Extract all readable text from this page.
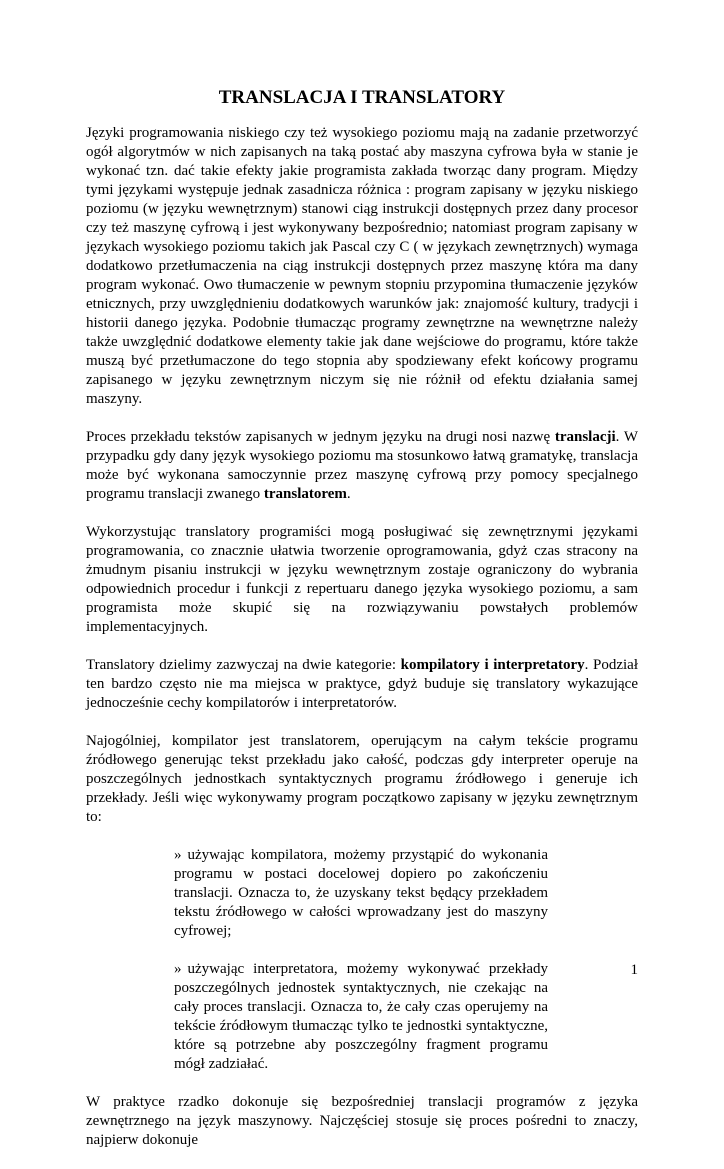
TRANSLACJA I TRANSLATORY

Języki programowania niskiego czy też wysokiego poziomu mają na zadanie przetworzyć ogół algorytmów w nich zapisanych na taką postać aby maszyna cyfrowa była w stanie je wykonać tzn. dać takie efekty jakie programista zakłada tworząc dany program. Między tymi językami występuje jednak zasadnicza różnica : program zapisany w języku niskiego poziomu (w języku wewnętrznym) stanowi ciąg instrukcji dostępnych przez dany procesor czy też maszynę cyfrową i jest wykonywany bezpośrednio; natomiast program zapisany w językach wysokiego poziomu takich jak Pascal czy C ( w językach zewnętrznych) wymaga dodatkowo przetłumaczenia na ciąg instrukcji dostępnych przez maszynę która ma dany program wykonać. Owo tłumaczenie w pewnym stopniu przypomina tłumaczenie języków etnicznych, przy uwzględnieniu dodatkowych warunków jak: znajomość kultury, tradycji i historii danego języka. Podobnie tłumacząc programy zewnętrzne na wewnętrzne należy także uwzględnić dodatkowe elementy takie jak dane wejściowe do programu, które także muszą być przetłumaczone do tego stopnia aby spodziewany efekt końcowy programu zapisanego w języku zewnętrznym niczym się nie różnił od efektu działania samej maszyny.

Proces przekładu tekstów zapisanych w jednym języku na drugi nosi nazwę translacji. W przypadku gdy dany język wysokiego poziomu ma stosunkowo łatwą gramatykę, translacja może być wykonana samoczynnie przez maszynę cyfrową przy pomocy specjalnego programu translacji zwanego translatorem.

Wykorzystując translatory programiści mogą posługiwać się zewnętrznymi językami programowania, co znacznie ułatwia tworzenie oprogramowania, gdyż czas stracony na żmudnym pisaniu instrukcji w języku wewnętrznym zostaje ograniczony do wybrania odpowiednich procedur i funkcji z repertuaru danego języka wysokiego poziomu, a sam programista może skupić się na rozwiązywaniu powstałych problemów implementacyjnych.

Translatory dzielimy zazwyczaj na dwie kategorie: kompilatory i interpretatory. Podział ten bardzo często nie ma miejsca w praktyce, gdyż buduje się translatory wykazujące jednocześnie cechy kompilatorów i interpretatorów.

Najogólniej, kompilator jest translatorem, operującym na całym tekście programu źródłowego generując tekst przekładu jako całość, podczas gdy interpreter operuje na poszczególnych jednostkach syntaktycznych programu źródłowego i generuje ich przekłady. Jeśli więc wykonywamy program początkowo zapisany w języku zewnętrznym to:

» używając kompilatora, możemy przystąpić do wykonania programu w postaci docelowej dopiero po zakończeniu translacji. Oznacza to, że uzyskany tekst będący przekładem tekstu źródłowego w całości wprowadzany jest do maszyny cyfrowej;
» używając interpretatora, możemy wykonywać przekłady poszczególnych jednostek syntaktycznych, nie czekając na cały proces translacji. Oznacza to, że cały czas operujemy na tekście źródłowym tłumacząc tylko te jednostki syntaktyczne, które są potrzebne aby poszczególny fragment programu mógł zadziałać.

W praktyce rzadko dokonuje się bezpośredniej translacji programów z języka zewnętrznego na język maszynowy. Najczęściej stosuje się proces pośredni to znaczy, najpierw dokonuje

1
